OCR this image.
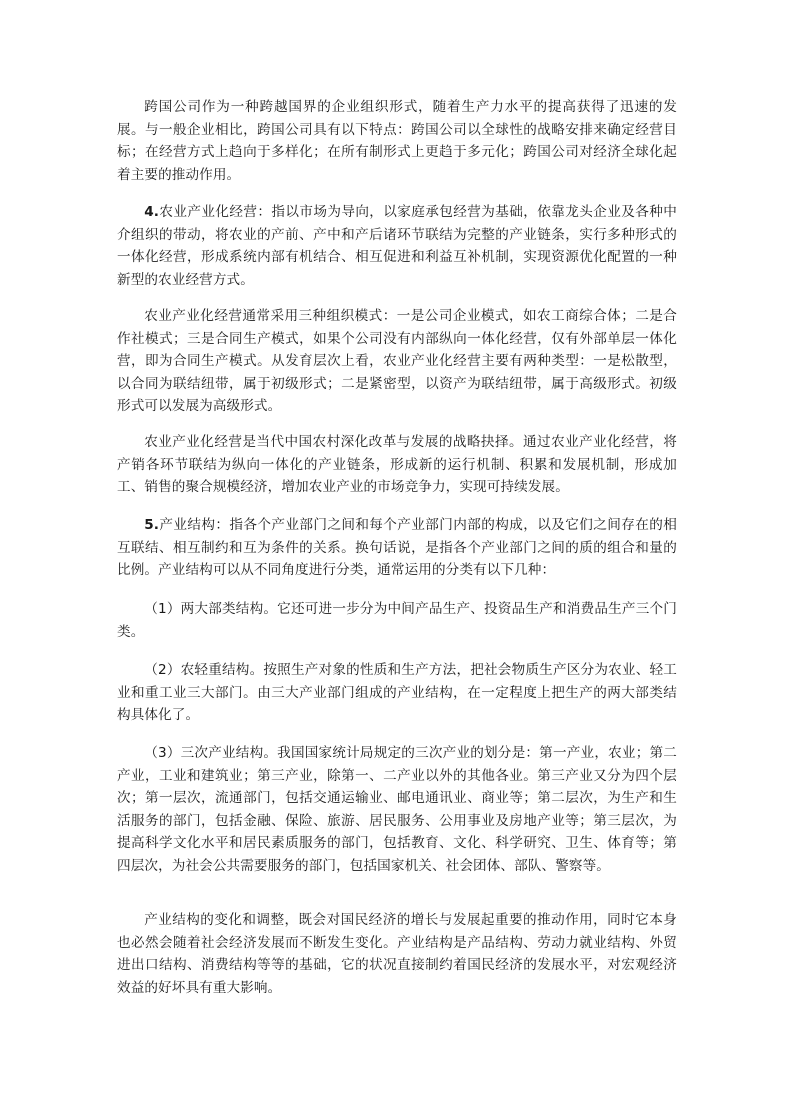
跨国公司作为一种跨越国界的企业组织形式，随着生产力水平的提高获得了迅速的发展。与一般企业相比，跨国公司具有以下特点：跨国公司以全球性的战略安排来确定经营目标；在经营方式上趋向于多样化；在所有制形式上更趋于多元化；跨国公司对经济全球化起着主要的推动作用。

4.农业产业化经营：指以市场为导向，以家庭承包经营为基础，依靠龙头企业及各种中介组织的带动，将农业的产前、产中和产后诸环节联结为完整的产业链条，实行多种形式的一体化经营，形成系统内部有机结合、相互促进和利益互补机制，实现资源优化配置的一种新型的农业经营方式。

农业产业化经营通常采用三种组织模式：一是公司企业模式，如农工商综合体；二是合作社模式；三是合同生产模式，如果个公司没有内部纵向一体化经营，仅有外部单层一体化营，即为合同生产模式。从发育层次上看，农业产业化经营主要有两种类型：一是松散型，以合同为联结纽带，属于初级形式；二是紧密型，以资产为联结纽带，属于高级形式。初级形式可以发展为高级形式。

农业产业化经营是当代中国农村深化改革与发展的战略抉择。通过农业产业化经营，将产销各环节联结为纵向一体化的产业链条，形成新的运行机制、积累和发展机制，形成加工、销售的聚合规模经济，增加农业产业的市场竞争力，实现可持续发展。

5.产业结构：指各个产业部门之间和每个产业部门内部的构成，以及它们之间存在的相互联结、相互制约和互为条件的关系。换句话说，是指各个产业部门之间的质的组合和量的比例。产业结构可以从不同角度进行分类，通常运用的分类有以下几种：

（1）两大部类结构。它还可进一步分为中间产品生产、投资品生产和消费品生产三个门类。

（2）农轻重结构。按照生产对象的性质和生产方法，把社会物质生产区分为农业、轻工业和重工业三大部门。由三大产业部门组成的产业结构，在一定程度上把生产的两大部类结构具体化了。

（3）三次产业结构。我国国家统计局规定的三次产业的划分是：第一产业，农业；第二产业，工业和建筑业；第三产业，除第一、二产业以外的其他各业。第三产业又分为四个层次；第一层次，流通部门，包括交通运输业、邮电通讯业、商业等；第二层次，为生产和生活服务的部门，包括金融、保险、旅游、居民服务、公用事业及房地产业等；第三层次，为提高科学文化水平和居民素质服务的部门，包括教育、文化、科学研究、卫生、体育等；第四层次，为社会公共需要服务的部门，包括国家机关、社会团体、部队、警察等。

产业结构的变化和调整，既会对国民经济的增长与发展起重要的推动作用，同时它本身也必然会随着社会经济发展而不断发生变化。产业结构是产品结构、劳动力就业结构、外贸进出口结构、消费结构等等的基础，它的状况直接制约着国民经济的发展水平，对宏观经济效益的好坏具有重大影响。
